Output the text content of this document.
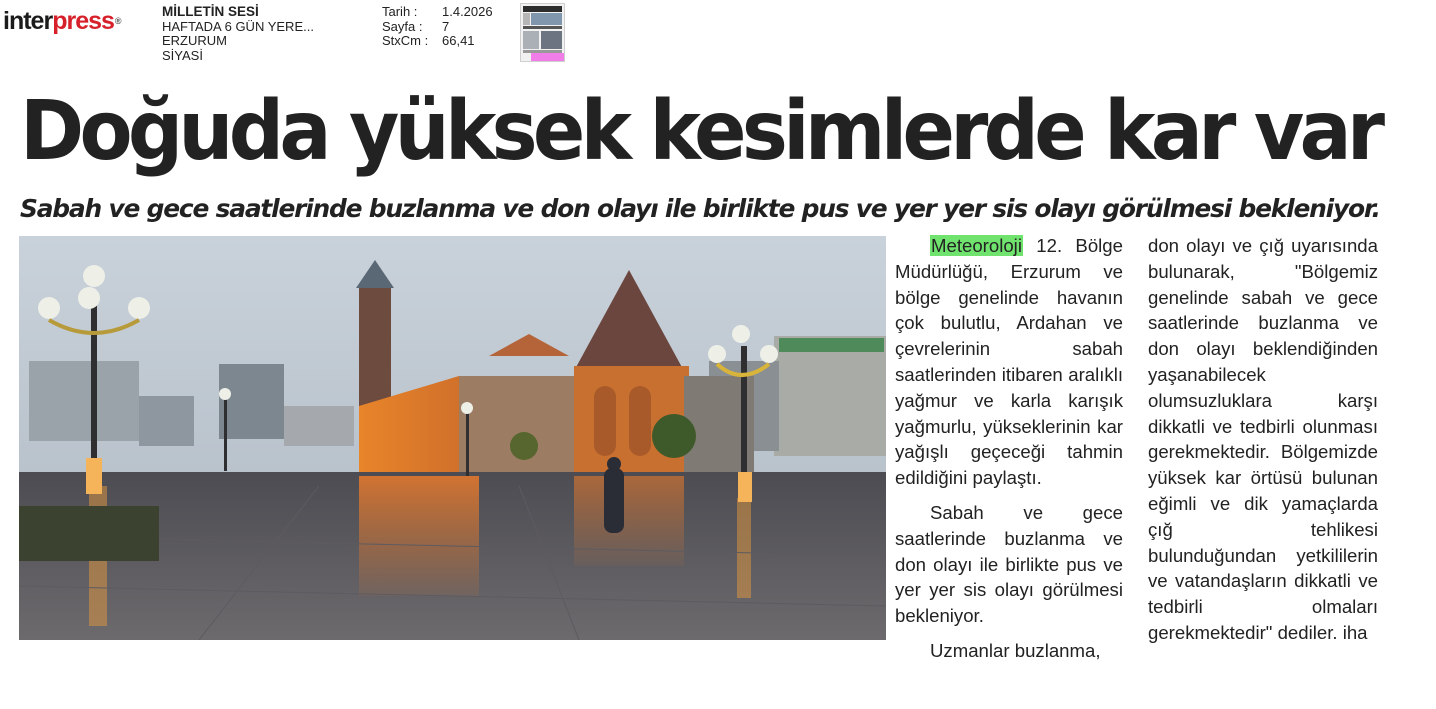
interpress®
MİLLETİN SESİ
HAFTADA 6 GÜN YERE...
ERZURUM
SİYASİ
Tarih :	1.4.2026
Sayfa :	7
StxCm :	66,41
Doğuda yüksek kesimlerde kar var
Sabah ve gece saatlerinde buzlanma ve don olayı ile birlikte pus ve yer yer sis olayı görülmesi bekleniyor.

Meteoroloji 12. Bölge Müdürlüğü, Erzurum ve bölge genelinde havanın çok bulutlu, Ardahan ve çevrelerinin sabah saatlerinden itibaren aralıklı yağmur ve karla karışık yağmurlu, yükseklerinin kar yağışlı geçeceği tahmin edildiğini paylaştı.

Sabah ve gece saatlerinde buzlanma ve don olayı ile birlikte pus ve yer yer sis olayı görülmesi bekleniyor.

Uzmanlar buzlanma,

don olayı ve çığ uyarısında bulunarak, "Bölgemiz genelinde sabah ve gece saatlerinde buzlanma ve don olayı beklendiğinden yaşanabilecek olumsuzluklara karşı dikkatli ve tedbirli olunması gerekmektedir. Bölgemizde yüksek kar örtüsü bulunan eğimli ve dik yamaçlarda çığ tehlikesi bulunduğundan yetkililerin ve vatandaşların dikkatli ve tedbirli olmaları gerekmektedir" dediler. iha
